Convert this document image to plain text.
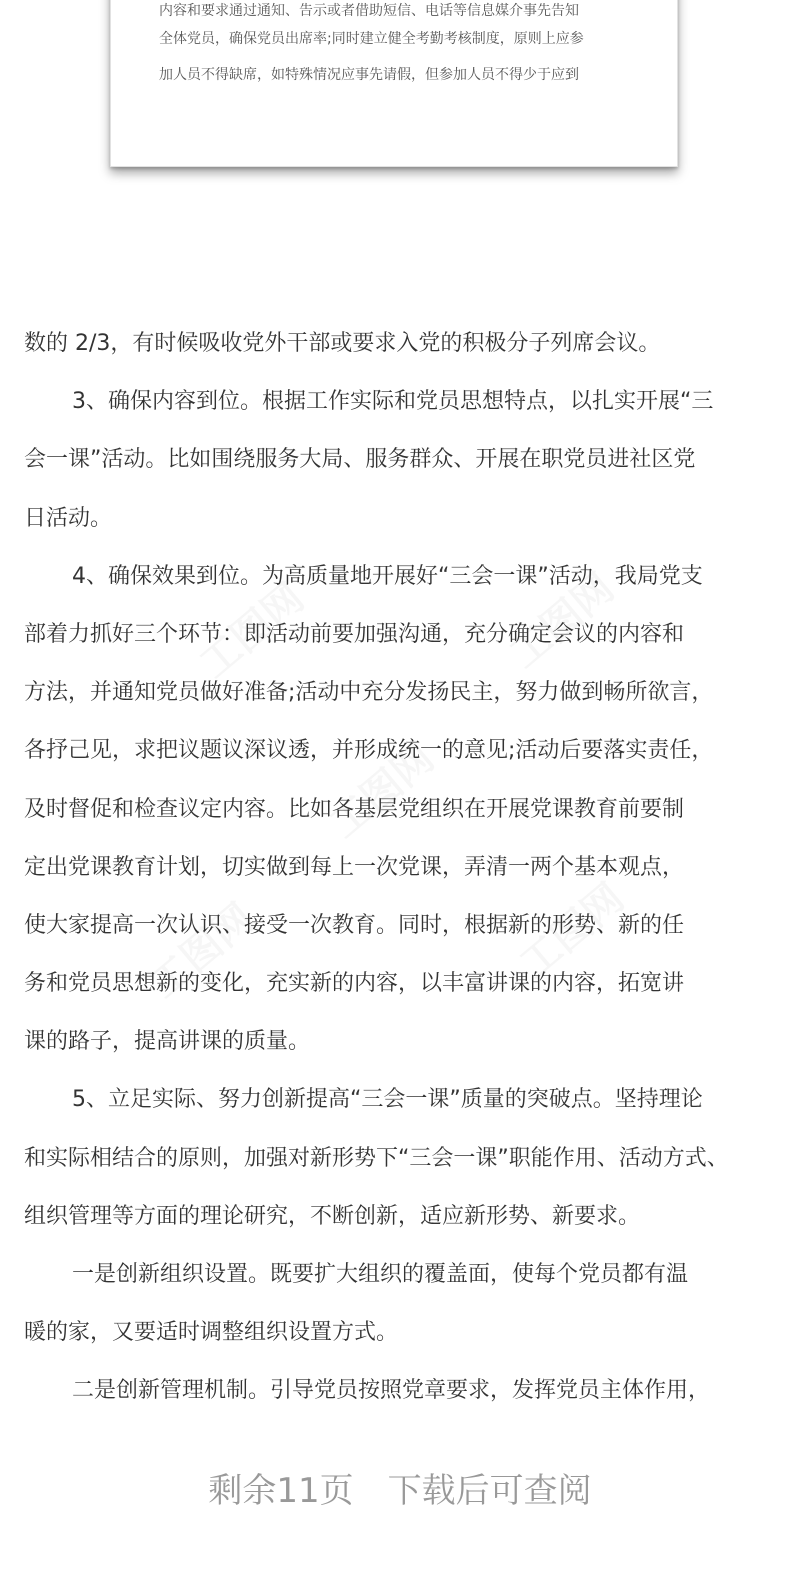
内容和要求通过通知、告示或者借助短信、电话等信息媒介事先告知
全体党员，确保党员出席率;同时建立健全考勤考核制度，原则上应参
加人员不得缺席，如特殊情况应事先请假，但参加人员不得少于应到
数的 2/3，有时候吸收党外干部或要求入党的积极分子列席会议。
3、确保内容到位。根据工作实际和党员思想特点，以扎实开展“三
会一课”活动。比如围绕服务大局、服务群众、开展在职党员进社区党
日活动。
4、确保效果到位。为高质量地开展好“三会一课”活动，我局党支
部着力抓好三个环节：即活动前要加强沟通，充分确定会议的内容和
方法，并通知党员做好准备;活动中充分发扬民主，努力做到畅所欲言，
各抒己见，求把议题议深议透，并形成统一的意见;活动后要落实责任，
及时督促和检查议定内容。比如各基层党组织在开展党课教育前要制
定出党课教育计划，切实做到每上一次党课，弄清一两个基本观点，
使大家提高一次认识、接受一次教育。同时，根据新的形势、新的任
务和党员思想新的变化，充实新的内容，以丰富讲课的内容，拓宽讲
课的路子，提高讲课的质量。
5、立足实际、努力创新提高“三会一课”质量的突破点。坚持理论
和实际相结合的原则，加强对新形势下“三会一课”职能作用、活动方式、
组织管理等方面的理论研究，不断创新，适应新形势、新要求。
一是创新组织设置。既要扩大组织的覆盖面，使每个党员都有温
暖的家，又要适时调整组织设置方式。
二是创新管理机制。引导党员按照党章要求，发挥党员主体作用，
剩余11页　下载后可查阅
